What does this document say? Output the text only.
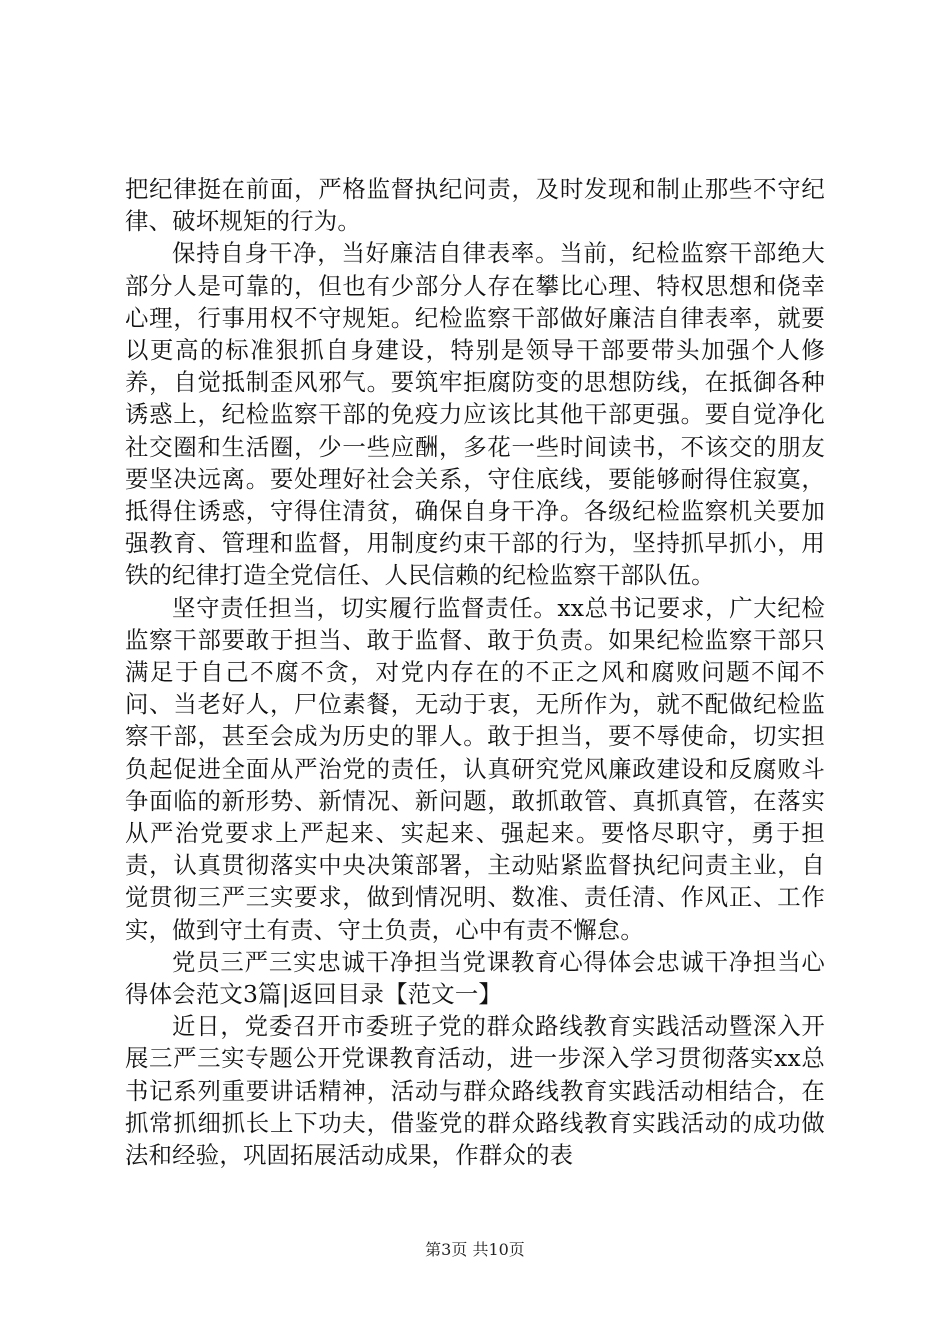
把纪律挺在前面，严格监督执纪问责，及时发现和制止那些不守纪律、破坏规矩的行为。

保持自身干净，当好廉洁自律表率。当前，纪检监察干部绝大部分人是可靠的，但也有少部分人存在攀比心理、特权思想和侥幸心理，行事用权不守规矩。纪检监察干部做好廉洁自律表率，就要以更高的标准狠抓自身建设，特别是领导干部要带头加强个人修养，自觉抵制歪风邪气。要筑牢拒腐防变的思想防线，在抵御各种诱惑上，纪检监察干部的免疫力应该比其他干部更强。要自觉净化社交圈和生活圈，少一些应酬，多花一些时间读书，不该交的朋友要坚决远离。要处理好社会关系，守住底线，要能够耐得住寂寞，抵得住诱惑，守得住清贫，确保自身干净。各级纪检监察机关要加强教育、管理和监督，用制度约束干部的行为，坚持抓早抓小，用铁的纪律打造全党信任、人民信赖的纪检监察干部队伍。

坚守责任担当，切实履行监督责任。xx总书记要求，广大纪检监察干部要敢于担当、敢于监督、敢于负责。如果纪检监察干部只满足于自己不腐不贪，对党内存在的不正之风和腐败问题不闻不问、当老好人，尸位素餐，无动于衷，无所作为，就不配做纪检监察干部，甚至会成为历史的罪人。敢于担当，要不辱使命，切实担负起促进全面从严治党的责任，认真研究党风廉政建设和反腐败斗争面临的新形势、新情况、新问题，敢抓敢管、真抓真管，在落实从严治党要求上严起来、实起来、强起来。要恪尽职守，勇于担责，认真贯彻落实中央决策部署，主动贴紧监督执纪问责主业，自觉贯彻三严三实要求，做到情况明、数准、责任清、作风正、工作实，做到守土有责、守土负责，心中有责不懈怠。

党员三严三实忠诚干净担当党课教育心得体会忠诚干净担当心得体会范文3篇|返回目录【范文一】

近日，党委召开市委班子党的群众路线教育实践活动暨深入开展三严三实专题公开党课教育活动，进一步深入学习贯彻落实xx总书记系列重要讲话精神，活动与群众路线教育实践活动相结合，在抓常抓细抓长上下功夫，借鉴党的群众路线教育实践活动的成功做法和经验，巩固拓展活动成果，作群众的表

第3页 共10页
